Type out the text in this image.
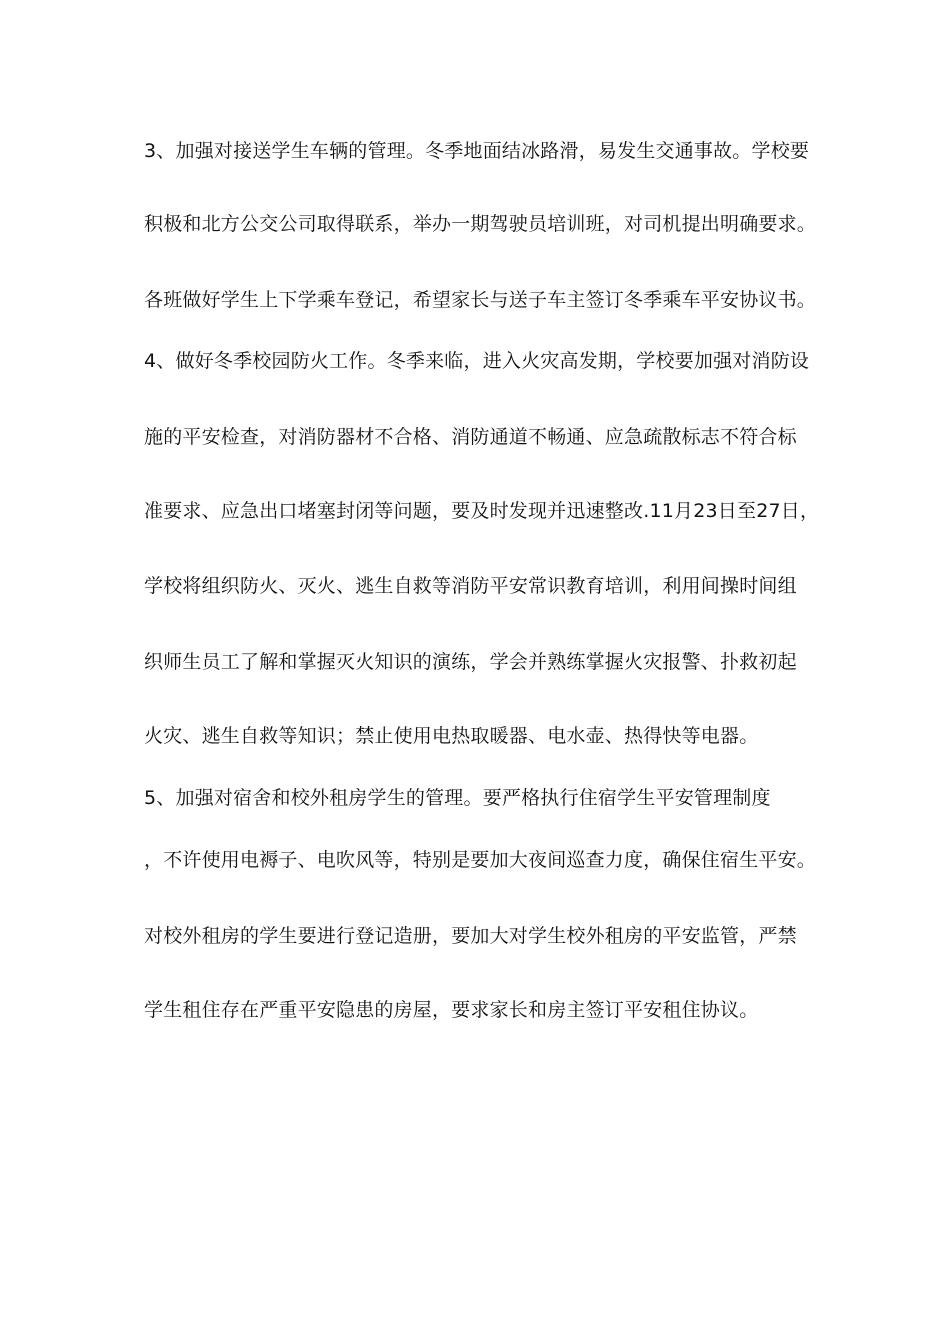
3、加强对接送学生车辆的管理。冬季地面结冰路滑，易发生交通事故。学校要
积极和北方公交公司取得联系，举办一期驾驶员培训班，对司机提出明确要求。
各班做好学生上下学乘车登记，希望家长与送子车主签订冬季乘车平安协议书。
4、做好冬季校园防火工作。冬季来临，进入火灾高发期，学校要加强对消防设
施的平安检查，对消防器材不合格、消防通道不畅通、应急疏散标志不符合标
准要求、应急出口堵塞封闭等问题，要及时发现并迅速整改.11月23日至27日，
学校将组织防火、灭火、逃生自救等消防平安常识教育培训，利用间操时间组
织师生员工了解和掌握灭火知识的演练，学会并熟练掌握火灾报警、扑救初起
火灾、逃生自救等知识；禁止使用电热取暖器、电水壶、热得快等电器。
5、加强对宿舍和校外租房学生的管理。要严格执行住宿学生平安管理制度
，不许使用电褥子、电吹风等，特别是要加大夜间巡查力度，确保住宿生平安。
对校外租房的学生要进行登记造册，要加大对学生校外租房的平安监管，严禁
学生租住存在严重平安隐患的房屋，要求家长和房主签订平安租住协议。
